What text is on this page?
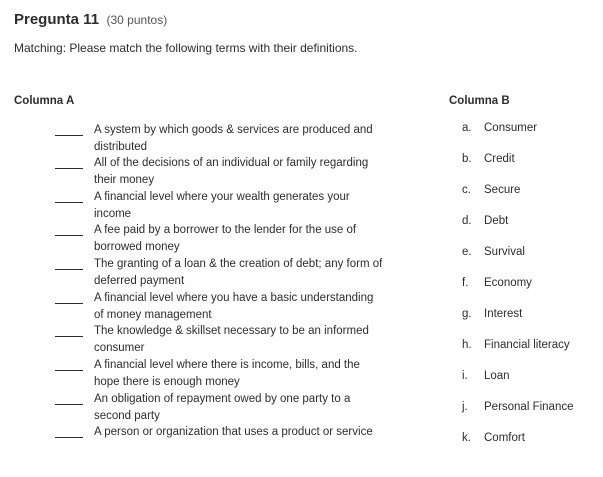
Pregunta 11 (30 puntos)
Matching: Please match the following terms with their definitions.
Columna A	Columna B
A system by which goods & services are produced and distributed
All of the decisions of an individual or family regarding their money
A financial level where your wealth generates your income
A fee paid by a borrower to the lender for the use of borrowed money
The granting of a loan & the creation of debt; any form of deferred payment
A financial level where you have a basic understanding of money management
The knowledge & skillset necessary to be an informed consumer
A financial level where there is income, bills, and the hope there is enough money
An obligation of repayment owed by one party to a second party
A person or organization that uses a product or service
a. Consumer
b. Credit
c. Secure
d. Debt
e. Survival
f. Economy
g. Interest
h. Financial literacy
i. Loan
j. Personal Finance
k. Comfort
